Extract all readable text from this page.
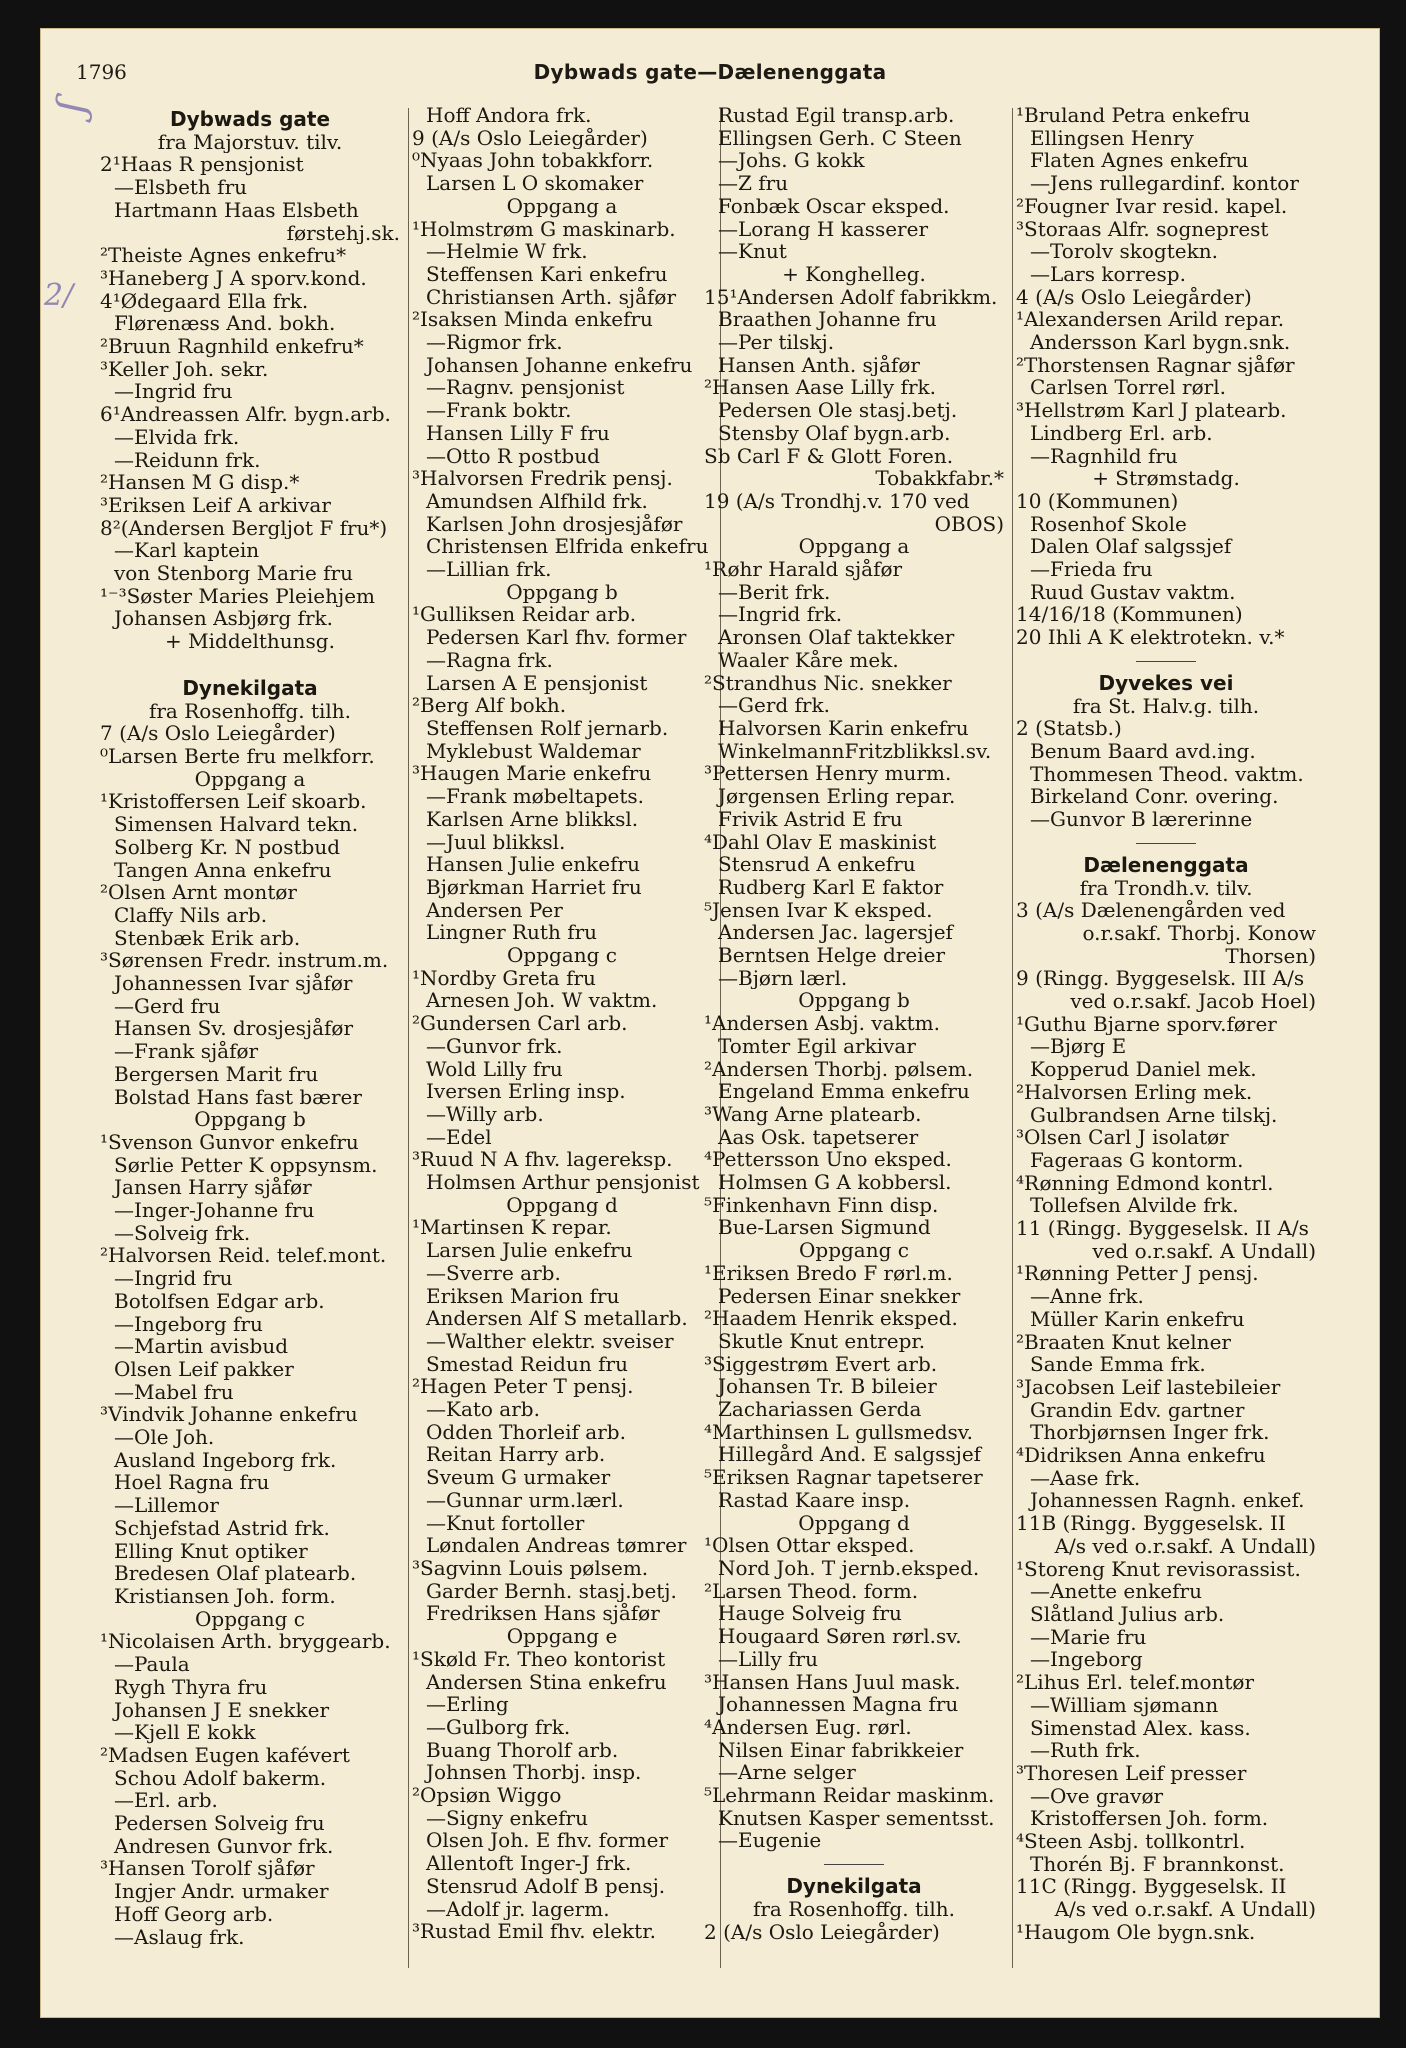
1796	Dybwads gate—Dælenenggata
ʃ
2/
Dybwads gate
fra Majorstuv. tilv.
2¹Haas R pensjonist
—Elsbeth fru
Hartmann Haas Elsbeth
førstehj.sk.
²Theiste Agnes enkefru*
³Haneberg J A sporv.kond.
4¹Ødegaard Ella frk.
Flørenæss And. bokh.
²Bruun Ragnhild enkefru*
³Keller Joh. sekr.
—Ingrid fru
6¹Andreassen Alfr. bygn.arb.
—Elvida frk.
—Reidunn frk.
²Hansen M G disp.*
³Eriksen Leif A arkivar
8²(Andersen Bergljot F fru*)
—Karl kaptein
von Stenborg Marie fru
¹⁻³Søster Maries Pleiehjem
Johansen Asbjørg frk.
+ Middelthunsg.
Dynekilgata
fra Rosenhoffg. tilh.
7 (A/s Oslo Leiegårder)
⁰Larsen Berte fru melkforr.
Oppgang a
¹Kristoffersen Leif skoarb.
Simensen Halvard tekn.
Solberg Kr. N postbud
Tangen Anna enkefru
²Olsen Arnt montør
Claffy Nils arb.
Stenbæk Erik arb.
³Sørensen Fredr. instrum.m.
Johannessen Ivar sjåfør
—Gerd fru
Hansen Sv. drosjesjåfør
—Frank sjåfør
Bergersen Marit fru
Bolstad Hans fast bærer
Oppgang b
¹Svenson Gunvor enkefru
Sørlie Petter K oppsynsm.
Jansen Harry sjåfør
—Inger-Johanne fru
—Solveig frk.
²Halvorsen Reid. telef.mont.
—Ingrid fru
Botolfsen Edgar arb.
—Ingeborg fru
—Martin avisbud
Olsen Leif pakker
—Mabel fru
³Vindvik Johanne enkefru
—Ole Joh.
Ausland Ingeborg frk.
Hoel Ragna fru
—Lillemor
Schjefstad Astrid frk.
Elling Knut optiker
Bredesen Olaf platearb.
Kristiansen Joh. form.
Oppgang c
¹Nicolaisen Arth. bryggearb.
—Paula
Rygh Thyra fru
Johansen J E snekker
—Kjell E kokk
²Madsen Eugen kafévert
Schou Adolf bakerm.
—Erl. arb.
Pedersen Solveig fru
Andresen Gunvor frk.
³Hansen Torolf sjåfør
Ingjer Andr. urmaker
Hoff Georg arb.
—Aslaug frk.
Hoff Andora frk.
9 (A/s Oslo Leiegårder)
⁰Nyaas John tobakkforr.
Larsen L O skomaker
Oppgang a
¹Holmstrøm G maskinarb.
—Helmie W frk.
Steffensen Kari enkefru
Christiansen Arth. sjåfør
²Isaksen Minda enkefru
—Rigmor frk.
Johansen Johanne enkefru
—Ragnv. pensjonist
—Frank boktr.
Hansen Lilly F fru
—Otto R postbud
³Halvorsen Fredrik pensj.
Amundsen Alfhild frk.
Karlsen John drosjesjåfør
Christensen Elfrida enkefru
—Lillian frk.
Oppgang b
¹Gulliksen Reidar arb.
Pedersen Karl fhv. former
—Ragna frk.
Larsen A E pensjonist
²Berg Alf bokh.
Steffensen Rolf jernarb.
Myklebust Waldemar
³Haugen Marie enkefru
—Frank møbeltapets.
Karlsen Arne blikksl.
—Juul blikksl.
Hansen Julie enkefru
Bjørkman Harriet fru
Andersen Per
Lingner Ruth fru
Oppgang c
¹Nordby Greta fru
Arnesen Joh. W vaktm.
²Gundersen Carl arb.
—Gunvor frk.
Wold Lilly fru
Iversen Erling insp.
—Willy arb.
—Edel
³Ruud N A fhv. lagereksp.
Holmsen Arthur pensjonist
Oppgang d
¹Martinsen K repar.
Larsen Julie enkefru
—Sverre arb.
Eriksen Marion fru
Andersen Alf S metallarb.
—Walther elektr. sveiser
Smestad Reidun fru
²Hagen Peter T pensj.
—Kato arb.
Odden Thorleif arb.
Reitan Harry arb.
Sveum G urmaker
—Gunnar urm.lærl.
—Knut fortoller
Løndalen Andreas tømrer
³Sagvinn Louis pølsem.
Garder Bernh. stasj.betj.
Fredriksen Hans sjåfør
Oppgang e
¹Skøld Fr. Theo kontorist
Andersen Stina enkefru
—Erling
—Gulborg frk.
Buang Thorolf arb.
Johnsen Thorbj. insp.
²Opsiøn Wiggo
—Signy enkefru
Olsen Joh. E fhv. former
Allentoft Inger-J frk.
Stensrud Adolf B pensj.
—Adolf jr. lagerm.
³Rustad Emil fhv. elektr.
Rustad Egil transp.arb.
Ellingsen Gerh. C Steen
—Johs. G kokk
—Z fru
Fonbæk Oscar eksped.
—Lorang H kasserer
—Knut
+ Konghelleg.
15¹Andersen Adolf fabrikkm.
Braathen Johanne fru
—Per tilskj.
Hansen Anth. sjåfør
²Hansen Aase Lilly frk.
Pedersen Ole stasj.betj.
Stensby Olaf bygn.arb.
Sb Carl F & Glott Foren.
Tobakkfabr.*
19 (A/s Trondhj.v. 170 ved
OBOS)
Oppgang a
¹Røhr Harald sjåfør
—Berit frk.
—Ingrid frk.
Aronsen Olaf taktekker
Waaler Kåre mek.
²Strandhus Nic. snekker
—Gerd frk.
Halvorsen Karin enkefru
WinkelmannFritzblikksl.sv.
³Pettersen Henry murm.
Jørgensen Erling repar.
Frivik Astrid E fru
⁴Dahl Olav E maskinist
Stensrud A enkefru
Rudberg Karl E faktor
⁵Jensen Ivar K eksped.
Andersen Jac. lagersjef
Berntsen Helge dreier
—Bjørn lærl.
Oppgang b
¹Andersen Asbj. vaktm.
Tomter Egil arkivar
²Andersen Thorbj. pølsem.
Engeland Emma enkefru
³Wang Arne platearb.
Aas Osk. tapetserer
⁴Pettersson Uno eksped.
Holmsen G A kobbersl.
⁵Finkenhavn Finn disp.
Bue-Larsen Sigmund
Oppgang c
¹Eriksen Bredo F rørl.m.
Pedersen Einar snekker
²Haadem Henrik eksped.
Skutle Knut entrepr.
³Siggestrøm Evert arb.
Johansen Tr. B bileier
Zachariassen Gerda
⁴Marthinsen L gullsmedsv.
Hillegård And. E salgssjef
⁵Eriksen Ragnar tapetserer
Rastad Kaare insp.
Oppgang d
¹Olsen Ottar eksped.
Nord Joh. T jernb.eksped.
²Larsen Theod. form.
Hauge Solveig fru
Hougaard Søren rørl.sv.
—Lilly fru
³Hansen Hans Juul mask.
Johannessen Magna fru
⁴Andersen Eug. rørl.
Nilsen Einar fabrikkeier
—Arne selger
⁵Lehrmann Reidar maskinm.
Knutsen Kasper sementsst.
—Eugenie
Dynekilgata
fra Rosenhoffg. tilh.
2 (A/s Oslo Leiegårder)
¹Bruland Petra enkefru
Ellingsen Henry
Flaten Agnes enkefru
—Jens rullegardinf. kontor
²Fougner Ivar resid. kapel.
³Storaas Alfr. sogneprest
—Torolv skogtekn.
—Lars korresp.
4 (A/s Oslo Leiegårder)
¹Alexandersen Arild repar.
Andersson Karl bygn.snk.
²Thorstensen Ragnar sjåfør
Carlsen Torrel rørl.
³Hellstrøm Karl J platearb.
Lindberg Erl. arb.
—Ragnhild fru
+ Strømstadg.
10 (Kommunen)
Rosenhof Skole
Dalen Olaf salgssjef
—Frieda fru
Ruud Gustav vaktm.
14/16/18 (Kommunen)
20 Ihli A K elektrotekn. v.*
Dyvekes vei
fra St. Halv.g. tilh.
2 (Statsb.)
Benum Baard avd.ing.
Thommesen Theod. vaktm.
Birkeland Conr. overing.
—Gunvor B lærerinne
Dælenenggata
fra Trondh.v. tilv.
3 (A/s Dælenengården ved
o.r.sakf. Thorbj. Konow
Thorsen)
9 (Ringg. Byggeselsk. III A/s
ved o.r.sakf. Jacob Hoel)
¹Guthu Bjarne sporv.fører
—Bjørg E
Kopperud Daniel mek.
²Halvorsen Erling mek.
Gulbrandsen Arne tilskj.
³Olsen Carl J isolatør
Fageraas G kontorm.
⁴Rønning Edmond kontrl.
Tollefsen Alvilde frk.
11 (Ringg. Byggeselsk. II A/s
ved o.r.sakf. A Undall)
¹Rønning Petter J pensj.
—Anne frk.
Müller Karin enkefru
²Braaten Knut kelner
Sande Emma frk.
³Jacobsen Leif lastebileier
Grandin Edv. gartner
Thorbjørnsen Inger frk.
⁴Didriksen Anna enkefru
—Aase frk.
Johannessen Ragnh. enkef.
11B (Ringg. Byggeselsk. II
A/s ved o.r.sakf. A Undall)
¹Storeng Knut revisorassist.
—Anette enkefru
Slåtland Julius arb.
—Marie fru
—Ingeborg
²Lihus Erl. telef.montør
—William sjømann
Simenstad Alex. kass.
—Ruth frk.
³Thoresen Leif presser
—Ove gravør
Kristoffersen Joh. form.
⁴Steen Asbj. tollkontrl.
Thorén Bj. F brannkonst.
11C (Ringg. Byggeselsk. II
A/s ved o.r.sakf. A Undall)
¹Haugom Ole bygn.snk.
